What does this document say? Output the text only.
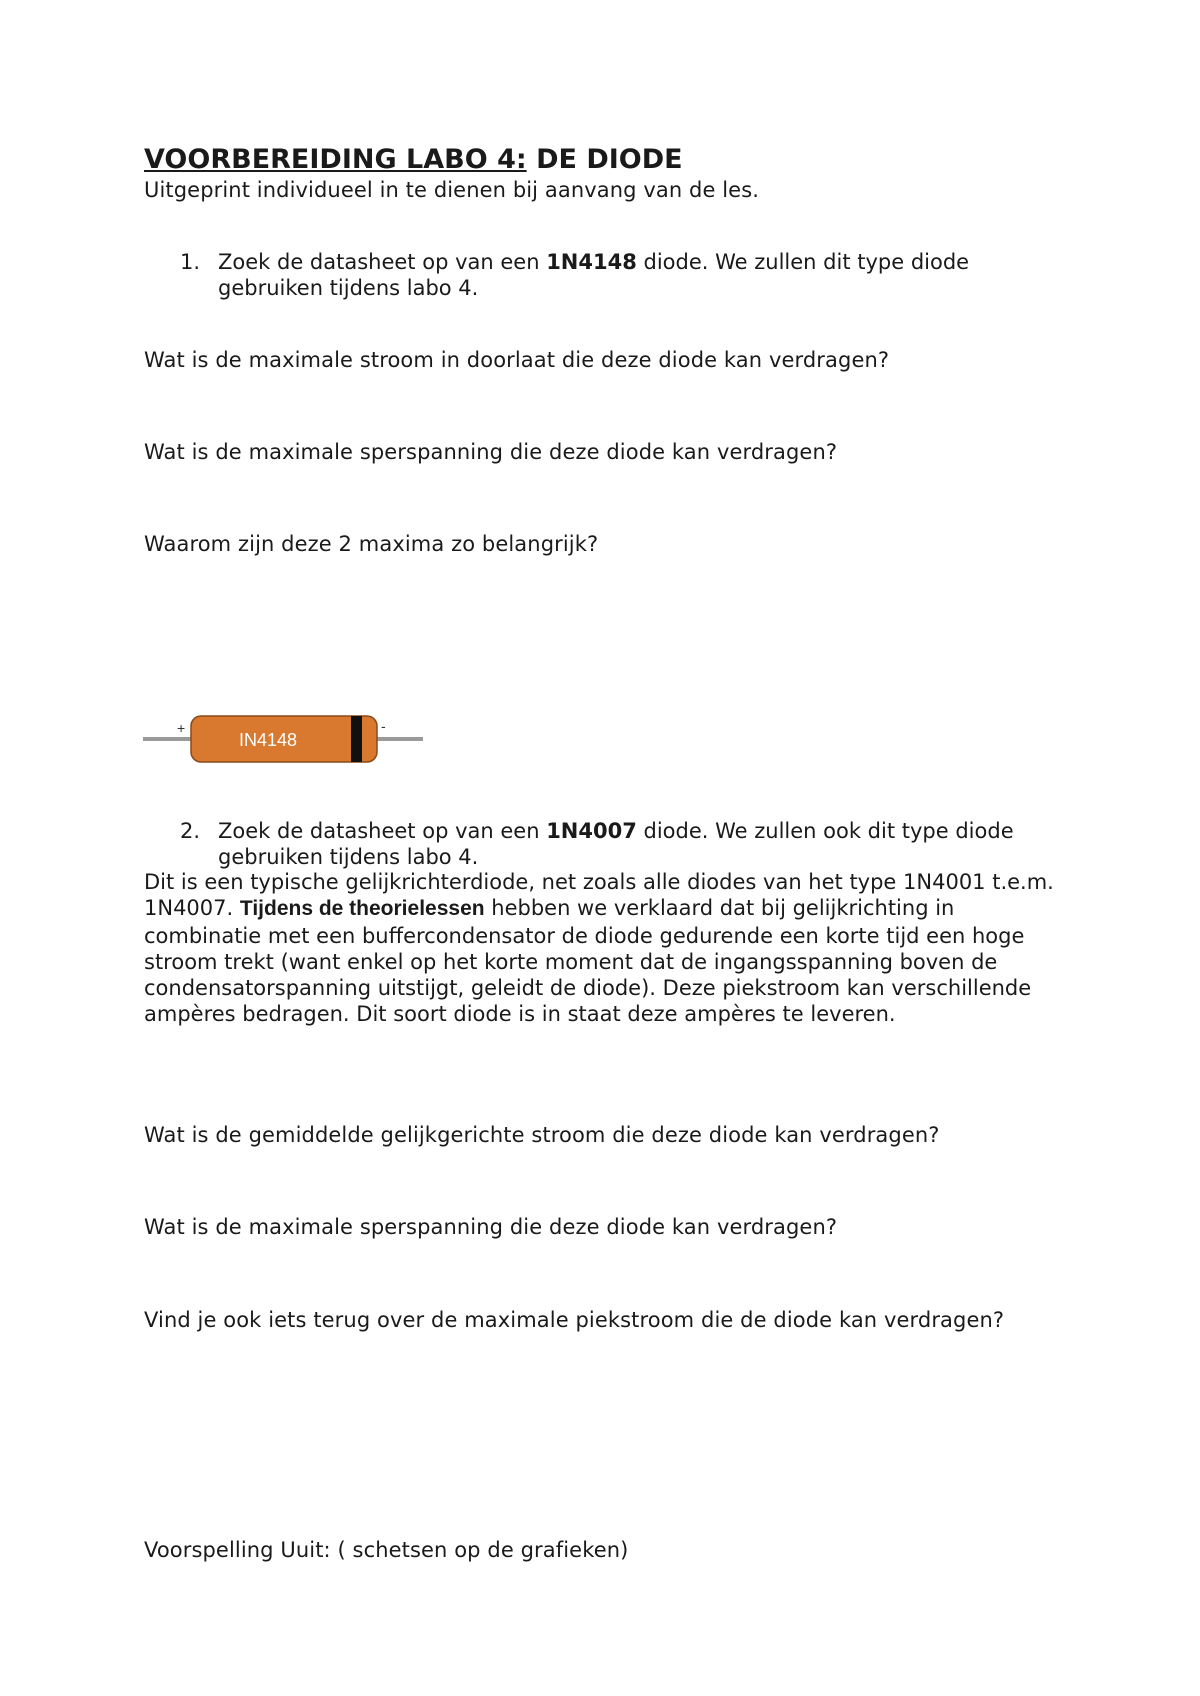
VOORBEREIDING LABO 4: DE DIODE
Uitgeprint individueel in te dienen bij aanvang van de les.
1. Zoek de datasheet op van een 1N4148 diode. We zullen dit type diode gebruiken tijdens labo 4.
Wat is de maximale stroom in doorlaat die deze diode kan verdragen?
Wat is de maximale sperspanning die deze diode kan verdragen?
Waarom zijn deze 2 maxima zo belangrijk?
IN4148
+	-
2. Zoek de datasheet op van een 1N4007 diode. We zullen ook dit type diode gebruiken tijdens labo 4.
Dit is een typische gelijkrichterdiode, net zoals alle diodes van het type 1N4001 t.e.m. 1N4007. Tijdens de theorielessen hebben we verklaard dat bij gelijkrichting in combinatie met een buffercondensator de diode gedurende een korte tijd een hoge stroom trekt (want enkel op het korte moment dat de ingangsspanning boven de condensatorspanning uitstijgt, geleidt de diode). Deze piekstroom kan verschillende ampères bedragen. Dit soort diode is in staat deze ampères te leveren.
Wat is de gemiddelde gelijkgerichte stroom die deze diode kan verdragen?
Wat is de maximale sperspanning die deze diode kan verdragen?
Vind je ook iets terug over de maximale piekstroom die de diode kan verdragen?
Voorspelling Uuit: ( schetsen op de grafieken)
